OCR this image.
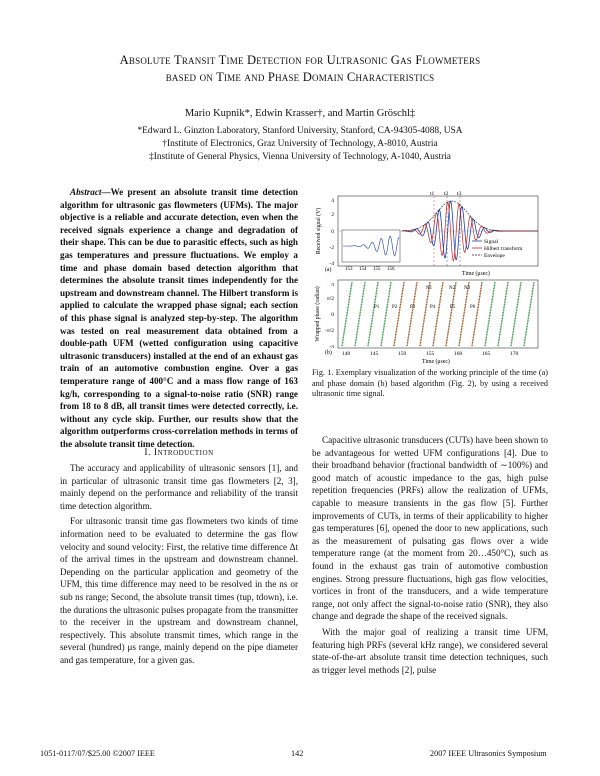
Absolute Transit Time Detection for Ultrasonic Gas Flowmeters
based on Time and Phase Domain Characteristics
Mario Kupnik*, Edwin Krasser†, and Martin Gröschl‡
*Edward L. Ginzton Laboratory, Stanford University, Stanford, CA-94305-4088, USA
†Institute of Electronics, Graz University of Technology, A-8010, Austria
‡Institute of General Physics, Vienna University of Technology, A-1040, Austria

Abstract—We present an absolute transit time detection algorithm for ultrasonic gas flowmeters (UFMs). The major objective is a reliable and accurate detection, even when the received signals experience a change and degradation of their shape. This can be due to parasitic effects, such as high gas temperatures and pressure fluctuations. We employ a time and phase domain based detection algorithm that determines the absolute transit times independently for the upstream and downstream channel. The Hilbert transform is applied to calculate the wrapped phase signal; each section of this phase signal is analyzed step-by-step. The algorithm was tested on real measurement data obtained from a double-path UFM (wetted configuration using capacitive ultrasonic transducers) installed at the end of an exhaust gas train of an automotive combustion engine. Over a gas temperature range of 400°C and a mass flow range of 163 kg/h, corresponding to a signal-to-noise ratio (SNR) range from 18 to 8 dB, all transit times were detected correctly, i.e. without any cycle skip. Further, our results show that the algorithm outperforms cross-correlation methods in terms of the absolute transit time detection.

I. Introduction

The accuracy and applicability of ultrasonic sensors [1], and in particular of ultrasonic transit time gas flowmeters [2, 3], mainly depend on the performance and reliability of the transit time detection algorithm.

For ultrasonic transit time gas flowmeters two kinds of time information need to be evaluated to determine the gas flow velocity and sound velocity: First, the relative time difference Δt of the arrival times in the upstream and downstream channel. Depending on the particular application and geometry of the UFM, this time difference may need to be resolved in the ns or sub ns range; Second, the absolute transit times (tup, tdown), i.e. the durations the ultrasonic pulses propagate from the transmitter to the receiver in the upstream and downstream channel, respectively. This absolute transmit times, which range in the several (hundred) μs range, mainly depend on the pipe diameter and gas temperature, for a given gas.

t1 t2 t3
Signal
Hilbert transform
Envelope
4
2
0
-2
-4
Received signal (V)
(a)	153 154 155 156
Time (μsec)
π
π/2
0
-π/2
-π
Wrapped phase (radian)
(b)
N1	N2 N3
P1	P2	P3	P4	P5	P6
140	145	150	155	160	165	170
Time (μsec)
Fig. 1. Exemplary visualization of the working principle of the time (a) and phase domain (b) based algorithm (Fig. 2), by using a received ultrasonic time signal.

Capacitive ultrasonic transducers (CUTs) have been shown to be advantageous for wetted UFM configurations [4]. Due to their broadband behavior (fractional bandwidth of ∼100%) and good match of acoustic impedance to the gas, high pulse repetition frequencies (PRFs) allow the realization of UFMs, capable to measure transients in the gas flow [5]. Further improvements of CUTs, in terms of their applicability to higher gas temperatures [6], opened the door to new applications, such as the measurement of pulsating gas flows over a wide temperature range (at the moment from 20…450°C), such as found in the exhaust gas train of automotive combustion engines. Strong pressure fluctuations, high gas flow velocities, vortices in front of the transducers, and a wide temperature range, not only affect the signal-to-noise ratio (SNR), they also change and degrade the shape of the received signals.

With the major goal of realizing a transit time UFM, featuring high PRFs (several kHz range), we considered several state-of-the-art absolute transit time detection techniques, such as trigger level methods [2], pulse

1051-0117/07/$25.00 ©2007 IEEE	142	2007 IEEE Ultrasonics Symposium
